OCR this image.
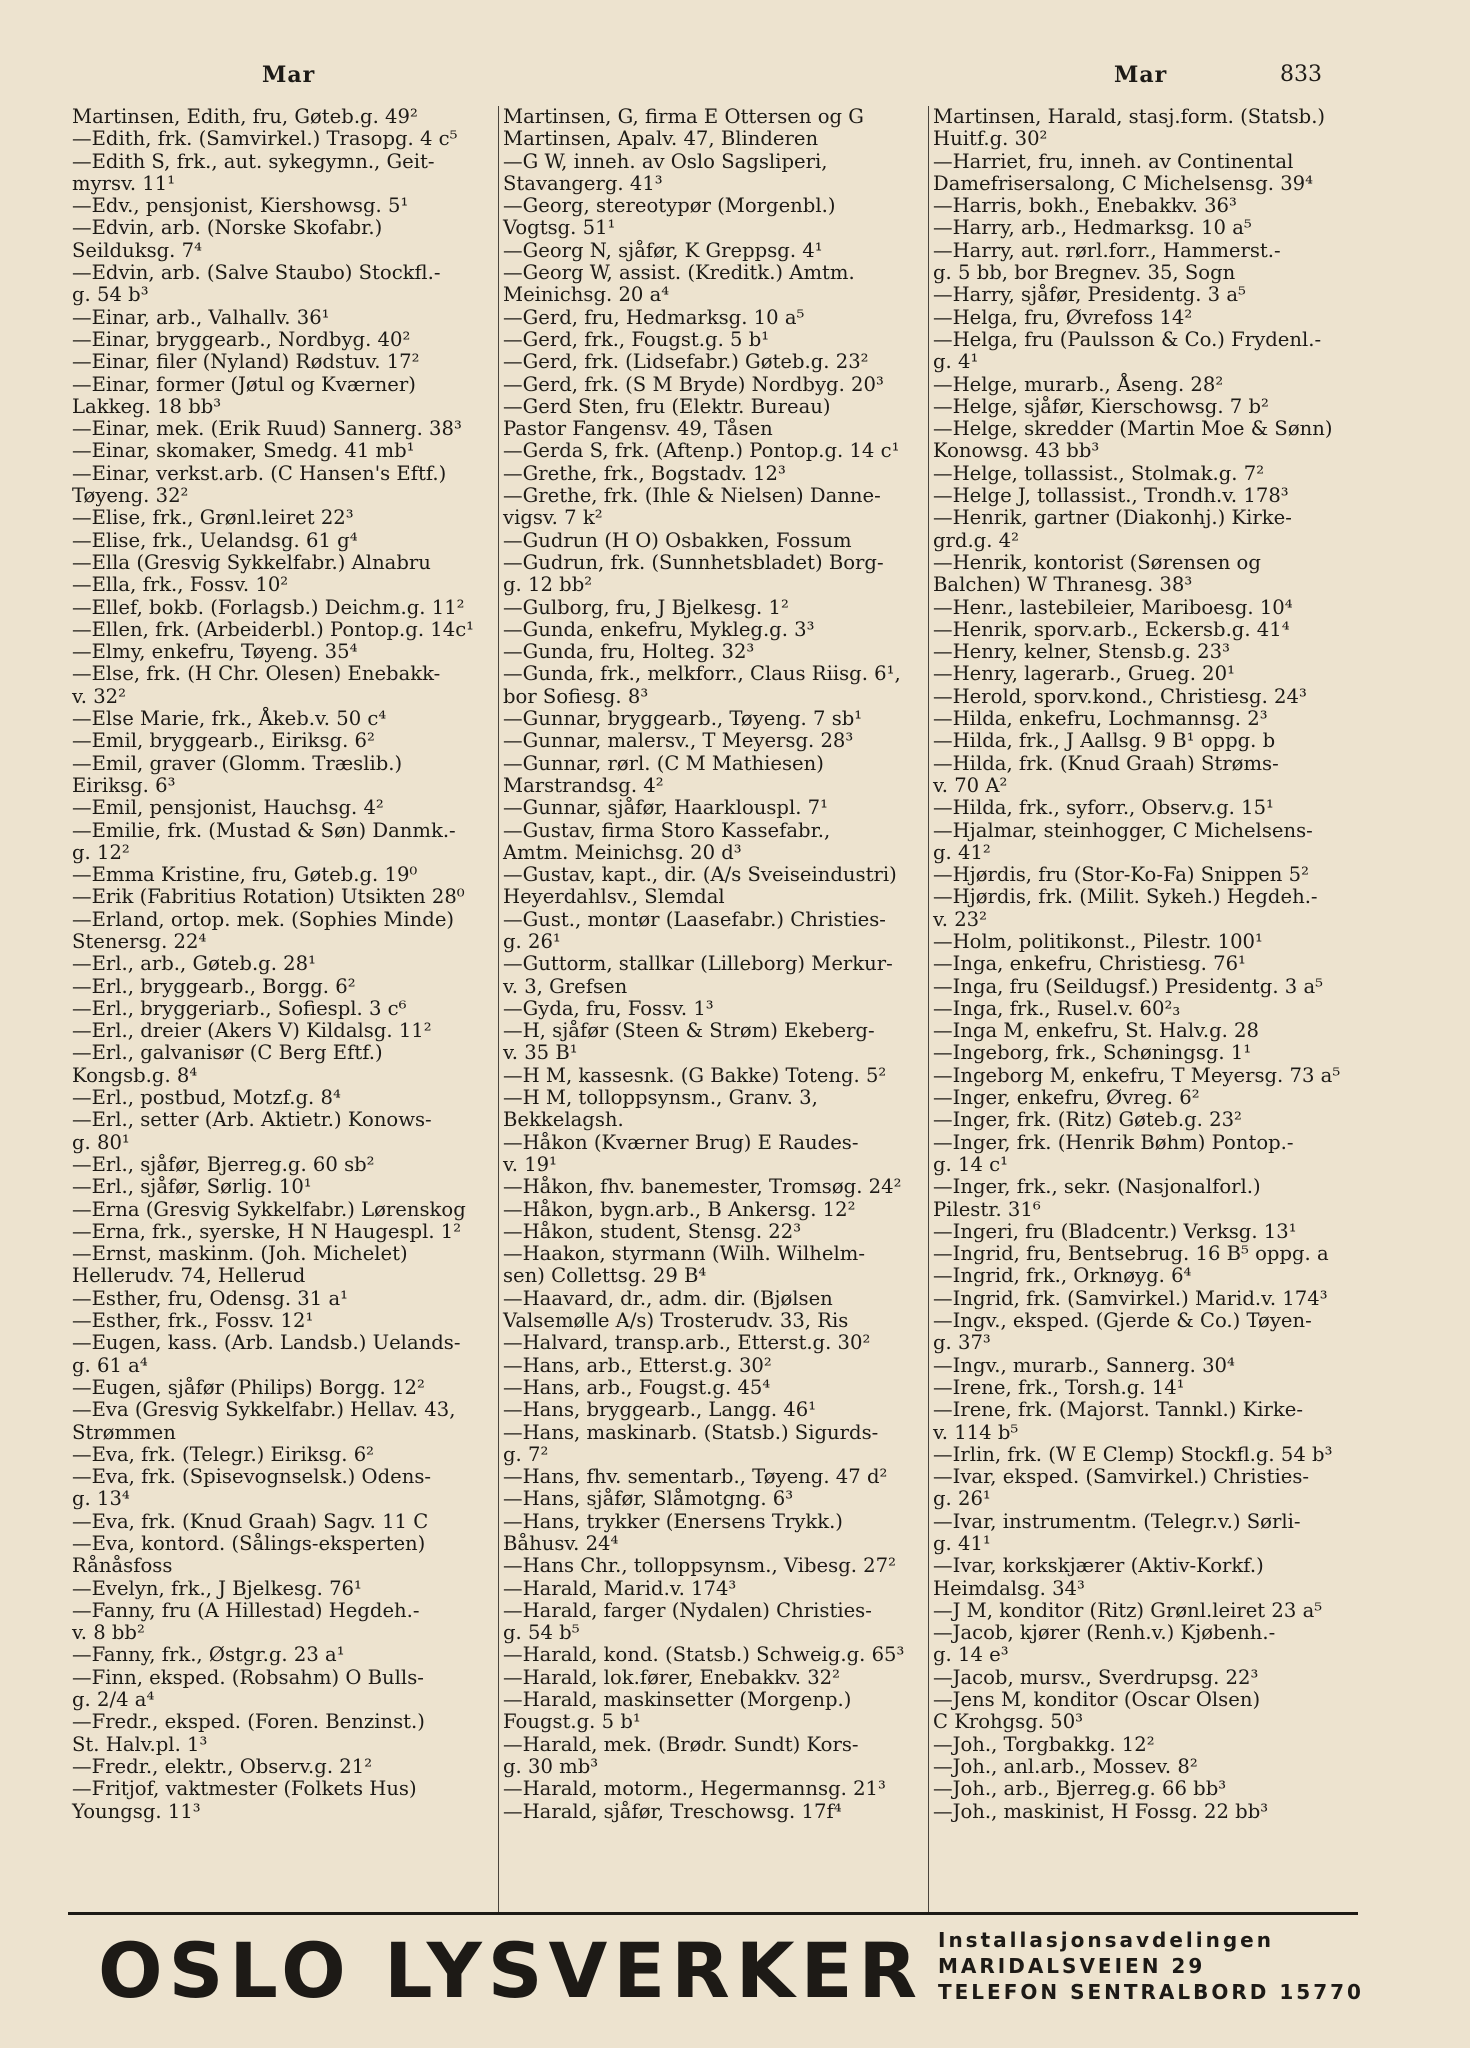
Mar	Mar	833
Martinsen, Edith, fru, Gøteb.g. 49²
—Edith, frk. (Samvirkel.) Trasopg. 4 c⁵
—Edith S, frk., aut. sykegymn., Geit-
myrsv. 11¹
—Edv., pensjonist, Kiershowsg. 5¹
—Edvin, arb. (Norske Skofabr.)
Seilduksg. 7⁴
—Edvin, arb. (Salve Staubo) Stockfl.-
g. 54 b³
—Einar, arb., Valhallv. 36¹
—Einar, bryggearb., Nordbyg. 40²
—Einar, filer (Nyland) Rødstuv. 17²
—Einar, former (Jøtul og Kværner)
Lakkeg. 18 bb³
—Einar, mek. (Erik Ruud) Sannerg. 38³
—Einar, skomaker, Smedg. 41 mb¹
—Einar, verkst.arb. (C Hansen's Eftf.)
Tøyeng. 32²
—Elise, frk., Grønl.leiret 22³
—Elise, frk., Uelandsg. 61 g⁴
—Ella (Gresvig Sykkelfabr.) Alnabru
—Ella, frk., Fossv. 10²
—Ellef, bokb. (Forlagsb.) Deichm.g. 11²
—Ellen, frk. (Arbeiderbl.) Pontop.g. 14c¹
—Elmy, enkefru, Tøyeng. 35⁴
—Else, frk. (H Chr. Olesen) Enebakk-
v. 32²
—Else Marie, frk., Åkeb.v. 50 c⁴
—Emil, bryggearb., Eiriksg. 6²
—Emil, graver (Glomm. Træslib.)
Eiriksg. 6³
—Emil, pensjonist, Hauchsg. 4²
—Emilie, frk. (Mustad & Søn) Danmk.-
g. 12²
—Emma Kristine, fru, Gøteb.g. 19⁰
—Erik (Fabritius Rotation) Utsikten 28⁰
—Erland, ortop. mek. (Sophies Minde)
Stenersg. 22⁴
—Erl., arb., Gøteb.g. 28¹
—Erl., bryggearb., Borgg. 6²
—Erl., bryggeriarb., Sofiespl. 3 c⁶
—Erl., dreier (Akers V) Kildalsg. 11²
—Erl., galvanisør (C Berg Eftf.)
Kongsb.g. 8⁴
—Erl., postbud, Motzf.g. 8⁴
—Erl., setter (Arb. Aktietr.) Konows-
g. 80¹
—Erl., sjåfør, Bjerreg.g. 60 sb²
—Erl., sjåfør, Sørlig. 10¹
—Erna (Gresvig Sykkelfabr.) Lørenskog
—Erna, frk., syerske, H N Haugespl. 1²
—Ernst, maskinm. (Joh. Michelet)
Hellerudv. 74, Hellerud
—Esther, fru, Odensg. 31 a¹
—Esther, frk., Fossv. 12¹
—Eugen, kass. (Arb. Landsb.) Uelands-
g. 61 a⁴
—Eugen, sjåfør (Philips) Borgg. 12²
—Eva (Gresvig Sykkelfabr.) Hellav. 43,
Strømmen
—Eva, frk. (Telegr.) Eiriksg. 6²
—Eva, frk. (Spisevognselsk.) Odens-
g. 13⁴
—Eva, frk. (Knud Graah) Sagv. 11 C
—Eva, kontord. (Sålings-eksperten)
Rånåsfoss
—Evelyn, frk., J Bjelkesg. 76¹
—Fanny, fru (A Hillestad) Hegdeh.-
v. 8 bb²
—Fanny, frk., Østgr.g. 23 a¹
—Finn, eksped. (Robsahm) O Bulls-
g. 2/4 a⁴
—Fredr., eksped. (Foren. Benzinst.)
St. Halv.pl. 1³
—Fredr., elektr., Observ.g. 21²
—Fritjof, vaktmester (Folkets Hus)
Youngsg. 11³
Martinsen, G, firma E Ottersen og G
Martinsen, Apalv. 47, Blinderen
—G W, inneh. av Oslo Sagsliperi,
Stavangerg. 41³
—Georg, stereotypør (Morgenbl.)
Vogtsg. 51¹
—Georg N, sjåfør, K Greppsg. 4¹
—Georg W, assist. (Kreditk.) Amtm.
Meinichsg. 20 a⁴
—Gerd, fru, Hedmarksg. 10 a⁵
—Gerd, frk., Fougst.g. 5 b¹
—Gerd, frk. (Lidsefabr.) Gøteb.g. 23²
—Gerd, frk. (S M Bryde) Nordbyg. 20³
—Gerd Sten, fru (Elektr. Bureau)
Pastor Fangensv. 49, Tåsen
—Gerda S, frk. (Aftenp.) Pontop.g. 14 c¹
—Grethe, frk., Bogstadv. 12³
—Grethe, frk. (Ihle & Nielsen) Danne-
vigsv. 7 k²
—Gudrun (H O) Osbakken, Fossum
—Gudrun, frk. (Sunnhetsbladet) Borg-
g. 12 bb²
—Gulborg, fru, J Bjelkesg. 1²
—Gunda, enkefru, Mykleg.g. 3³
—Gunda, fru, Holteg. 32³
—Gunda, frk., melkforr., Claus Riisg. 6¹,
bor Sofiesg. 8³
—Gunnar, bryggearb., Tøyeng. 7 sb¹
—Gunnar, malersv., T Meyersg. 28³
—Gunnar, rørl. (C M Mathiesen)
Marstrandsg. 4²
—Gunnar, sjåfør, Haarklouspl. 7¹
—Gustav, firma Storo Kassefabr.,
Amtm. Meinichsg. 20 d³
—Gustav, kapt., dir. (A/s Sveiseindustri)
Heyerdahlsv., Slemdal
—Gust., montør (Laasefabr.) Christies-
g. 26¹
—Guttorm, stallkar (Lilleborg) Merkur-
v. 3, Grefsen
—Gyda, fru, Fossv. 1³
—H, sjåfør (Steen & Strøm) Ekeberg-
v. 35 B¹
—H M, kassesnk. (G Bakke) Toteng. 5²
—H M, tolloppsynsm., Granv. 3,
Bekkelagsh.
—Håkon (Kværner Brug) E Raudes-
v. 19¹
—Håkon, fhv. banemester, Tromsøg. 24²
—Håkon, bygn.arb., B Ankersg. 12²
—Håkon, student, Stensg. 22³
—Haakon, styrmann (Wilh. Wilhelm-
sen) Collettsg. 29 B⁴
—Haavard, dr., adm. dir. (Bjølsen
Valsemølle A/s) Trosterudv. 33, Ris
—Halvard, transp.arb., Etterst.g. 30²
—Hans, arb., Etterst.g. 30²
—Hans, arb., Fougst.g. 45⁴
—Hans, bryggearb., Langg. 46¹
—Hans, maskinarb. (Statsb.) Sigurds-
g. 7²
—Hans, fhv. sementarb., Tøyeng. 47 d²
—Hans, sjåfør, Slåmotgng. 6³
—Hans, trykker (Enersens Trykk.)
Båhusv. 24⁴
—Hans Chr., tolloppsynsm., Vibesg. 27²
—Harald, Marid.v. 174³
—Harald, farger (Nydalen) Christies-
g. 54 b⁵
—Harald, kond. (Statsb.) Schweig.g. 65³
—Harald, lok.fører, Enebakkv. 32²
—Harald, maskinsetter (Morgenp.)
Fougst.g. 5 b¹
—Harald, mek. (Brødr. Sundt) Kors-
g. 30 mb³
—Harald, motorm., Hegermannsg. 21³
—Harald, sjåfør, Treschowsg. 17f⁴
Martinsen, Harald, stasj.form. (Statsb.)
Huitf.g. 30²
—Harriet, fru, inneh. av Continental
Damefrisersalong, C Michelsensg. 39⁴
—Harris, bokh., Enebakkv. 36³
—Harry, arb., Hedmarksg. 10 a⁵
—Harry, aut. rørl.forr., Hammerst.-
g. 5 bb, bor Bregnev. 35, Sogn
—Harry, sjåfør, Presidentg. 3 a⁵
—Helga, fru, Øvrefoss 14²
—Helga, fru (Paulsson & Co.) Frydenl.-
g. 4¹
—Helge, murarb., Åseng. 28²
—Helge, sjåfør, Kierschowsg. 7 b²
—Helge, skredder (Martin Moe & Sønn)
Konowsg. 43 bb³
—Helge, tollassist., Stolmak.g. 7²
—Helge J, tollassist., Trondh.v. 178³
—Henrik, gartner (Diakonhj.) Kirke-
grd.g. 4²
—Henrik, kontorist (Sørensen og
Balchen) W Thranesg. 38³
—Henr., lastebileier, Mariboesg. 10⁴
—Henrik, sporv.arb., Eckersb.g. 41⁴
—Henry, kelner, Stensb.g. 23³
—Henry, lagerarb., Grueg. 20¹
—Herold, sporv.kond., Christiesg. 24³
—Hilda, enkefru, Lochmannsg. 2³
—Hilda, frk., J Aallsg. 9 B¹ oppg. b
—Hilda, frk. (Knud Graah) Strøms-
v. 70 A²
—Hilda, frk., syforr., Observ.g. 15¹
—Hjalmar, steinhogger, C Michelsens-
g. 41²
—Hjørdis, fru (Stor-Ko-Fa) Snippen 5²
—Hjørdis, frk. (Milit. Sykeh.) Hegdeh.-
v. 23²
—Holm, politikonst., Pilestr. 100¹
—Inga, enkefru, Christiesg. 76¹
—Inga, fru (Seildugsf.) Presidentg. 3 a⁵
—Inga, frk., Rusel.v. 60²₃
—Inga M, enkefru, St. Halv.g. 28
—Ingeborg, frk., Schøningsg. 1¹
—Ingeborg M, enkefru, T Meyersg. 73 a⁵
—Inger, enkefru, Øvreg. 6²
—Inger, frk. (Ritz) Gøteb.g. 23²
—Inger, frk. (Henrik Bøhm) Pontop.-
g. 14 c¹
—Inger, frk., sekr. (Nasjonalforl.)
Pilestr. 31⁶
—Ingeri, fru (Bladcentr.) Verksg. 13¹
—Ingrid, fru, Bentsebrug. 16 B⁵ oppg. a
—Ingrid, frk., Orknøyg. 6⁴
—Ingrid, frk. (Samvirkel.) Marid.v. 174³
—Ingv., eksped. (Gjerde & Co.) Tøyen-
g. 37³
—Ingv., murarb., Sannerg. 30⁴
—Irene, frk., Torsh.g. 14¹
—Irene, frk. (Majorst. Tannkl.) Kirke-
v. 114 b⁵
—Irlin, frk. (W E Clemp) Stockfl.g. 54 b³
—Ivar, eksped. (Samvirkel.) Christies-
g. 26¹
—Ivar, instrumentm. (Telegr.v.) Sørli-
g. 41¹
—Ivar, korkskjærer (Aktiv-Korkf.)
Heimdalsg. 34³
—J M, konditor (Ritz) Grønl.leiret 23 a⁵
—Jacob, kjører (Renh.v.) Kjøbenh.-
g. 14 e³
—Jacob, mursv., Sverdrupsg. 22³
—Jens M, konditor (Oscar Olsen)
C Krohgsg. 50³
—Joh., Torgbakkg. 12²
—Joh., anl.arb., Mossev. 8²
—Joh., arb., Bjerreg.g. 66 bb³
—Joh., maskinist, H Fossg. 22 bb³
OSLO LYSVERKER Installasjonsavdelingen
MARIDALSVEIEN 29
TELEFON SENTRALBORD 15770
